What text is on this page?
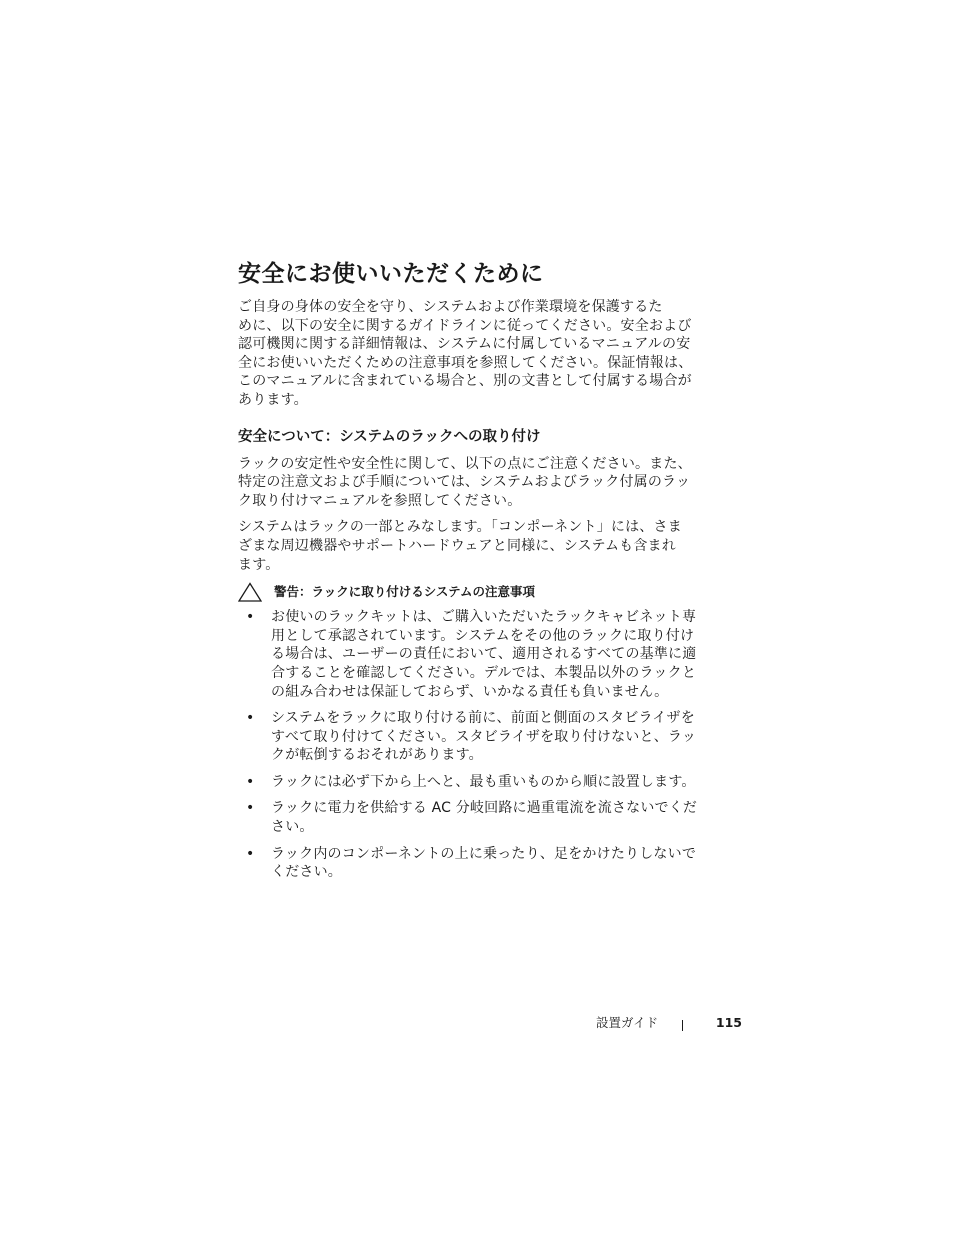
安全にお使いいただくために

ご自身の身体の安全を守り、システムおよび作業環境を保護するた
めに、以下の安全に関するガイドラインに従ってください。安全および
認可機関に関する詳細情報は、システムに付属しているマニュアルの安
全にお使いいただくための注意事項を参照してください。保証情報は、
このマニュアルに含まれている場合と、別の文書として付属する場合が
あります。

安全について：システムのラックへの取り付け

ラックの安定性や安全性に関して、以下の点にご注意ください。また、
特定の注意文および手順については、システムおよびラック付属のラッ
ク取り付けマニュアルを参照してください。

システムはラックの一部とみなします。「コンポーネント」には、さま
ざまな周辺機器やサポートハードウェアと同様に、システムも含まれ
ます。

警告：ラックに取り付けるシステムの注意事項
•	お使いのラックキットは、ご購入いただいたラックキャビネット専
用として承認されています。システムをその他のラックに取り付け
る場合は、ユーザーの責任において、適用されるすべての基準に適
合することを確認してください。デルでは、本製品以外のラックと
の組み合わせは保証しておらず、いかなる責任も負いません。
•	システムをラックに取り付ける前に、前面と側面のスタビライザを
すべて取り付けてください。スタビライザを取り付けないと、ラッ
クが転倒するおそれがあります。
•	ラックには必ず下から上へと、最も重いものから順に設置します。
•	ラックに電力を供給する AC 分岐回路に過重電流を流さないでくだ
さい。
•	ラック内のコンポーネントの上に乗ったり、足をかけたりしないで
ください。
設置ガイド	115
